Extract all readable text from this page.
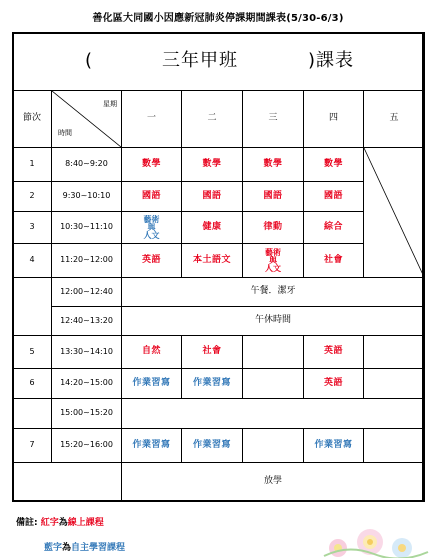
善化區大同國小因應新冠肺炎停課期間課表(5/30-6/3)
( 三年甲班 )課表						

節次	星期
時間	一	二	三	四	五
1	8:40~9:20	數學	數學	數學	數學	

2	9:30~10:10	國語	國語	國語	國語	
3	10:30~11:10	藝術
與
人文	健康	律動	綜合	
4	11:20~12:00	英語	本土語文	藝術
與
人文	社會	
	12:00~12:40	午餐．潔牙				
	12:40~13:20	午休時間				
5	13:30~14:10	自然	社會		英語	
6	14:20~15:00	作業習寫	作業習寫		英語	
	15:00~15:20					
7	15:20~16:00	作業習寫	作業習寫		作業習寫	
		放學				
備註: 紅字為線上課程
藍字為自主學習課程
